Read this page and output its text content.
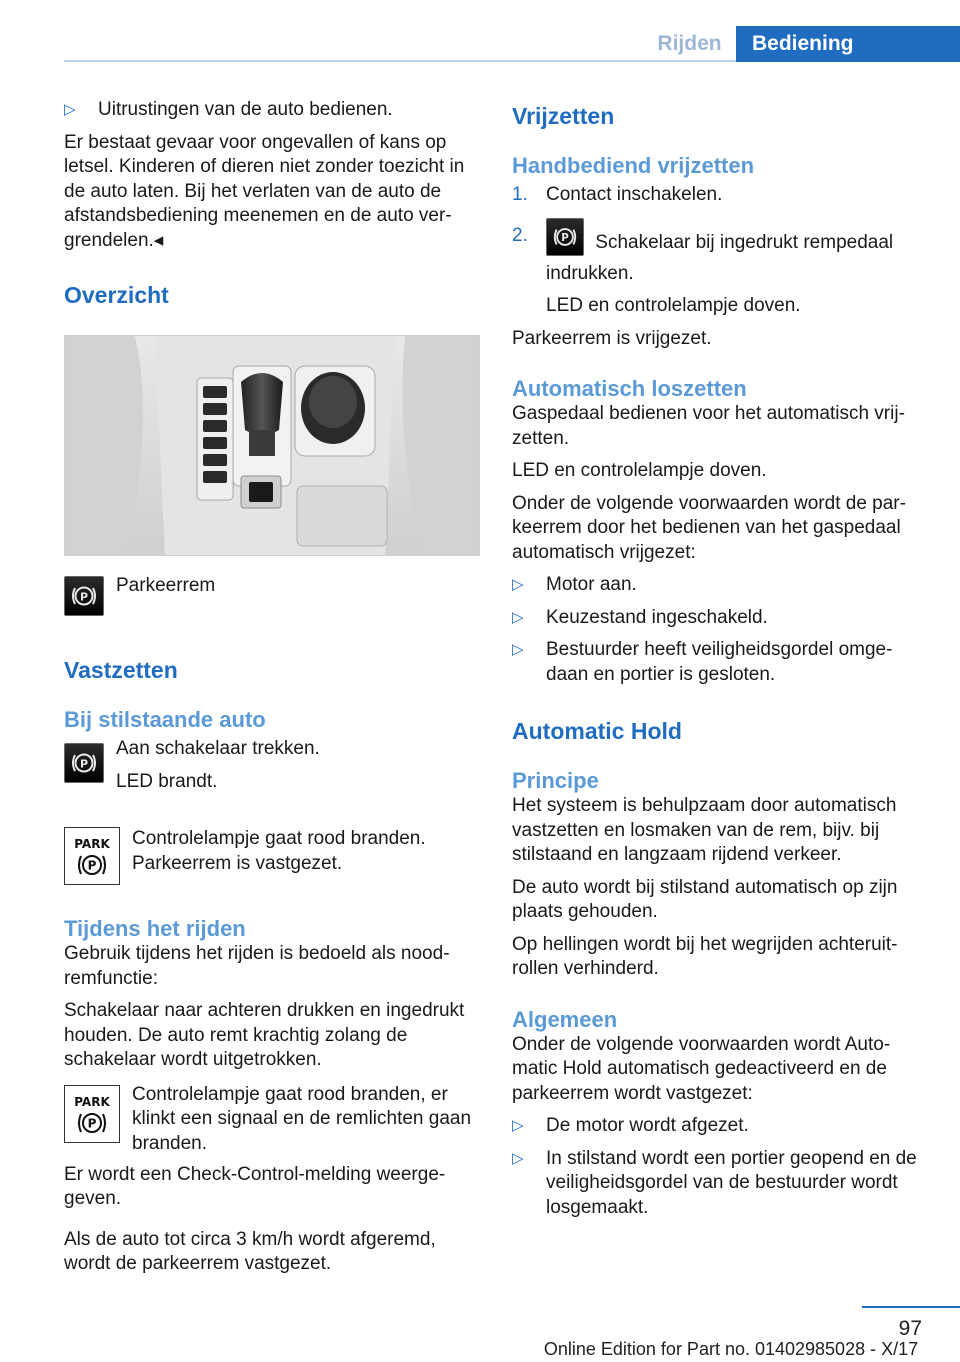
Rijden	Bediening
▷ Uitrustingen van de auto bedienen.

Er bestaat gevaar voor ongevallen of kans op letsel. Kinderen of dieren niet zonder toezicht in de auto laten. Bij het verlaten van de auto de afstandsbediening meenemen en de auto vergrendelen.◂

Overzicht
P
Parkeerrem
Vastzetten
Bij stilstaande auto
P

Aan schakelaar trekken.

LED brandt.

PARK
P

Controlelampje gaat rood branden. Parkeerrem is vastgezet.

Tijdens het rijden

Gebruik tijdens het rijden is bedoeld als noodremfunctie:

Schakelaar naar achteren drukken en ingedrukt houden. De auto remt krachtig zolang de schakelaar wordt uitgetrokken.

PARK
P

Controlelampje gaat rood branden, er klinkt een signaal en de remlichten gaan branden.

Er wordt een Check-Control-melding weergegeven.

Als de auto tot circa 3 km/h wordt afgeremd, wordt de parkeerrem vastgezet.

Vrijzetten
Handbediend vrijzetten
1. Contact inschakelen.
2.	P Schakelaar bij ingedrukt rempedaal indrukken.

LED en controlelampje doven.

Parkeerrem is vrijgezet.

Automatisch loszetten

Gaspedaal bedienen voor het automatisch vrijzetten.

LED en controlelampje doven.

Onder de volgende voorwaarden wordt de parkeerrem door het bedienen van het gaspedaal automatisch vrijgezet:

▷ Motor aan.
▷ Keuzestand ingeschakeld.
▷ Bestuurder heeft veiligheidsgordel omgedaan en portier is gesloten.
Automatic Hold
Principe

Het systeem is behulpzaam door automatisch vastzetten en losmaken van de rem, bijv. bij stilstaand en langzaam rijdend verkeer.

De auto wordt bij stilstand automatisch op zijn plaats gehouden.

Op hellingen wordt bij het wegrijden achteruitrollen verhinderd.

Algemeen

Onder de volgende voorwaarden wordt Automatic Hold automatisch gedeactiveerd en de parkeerrem wordt vastgezet:

▷ De motor wordt afgezet.
▷ In stilstand wordt een portier geopend en de veiligheidsgordel van de bestuurder wordt losgemaakt.
97
Online Edition for Part no. 01402985028 - X/17
